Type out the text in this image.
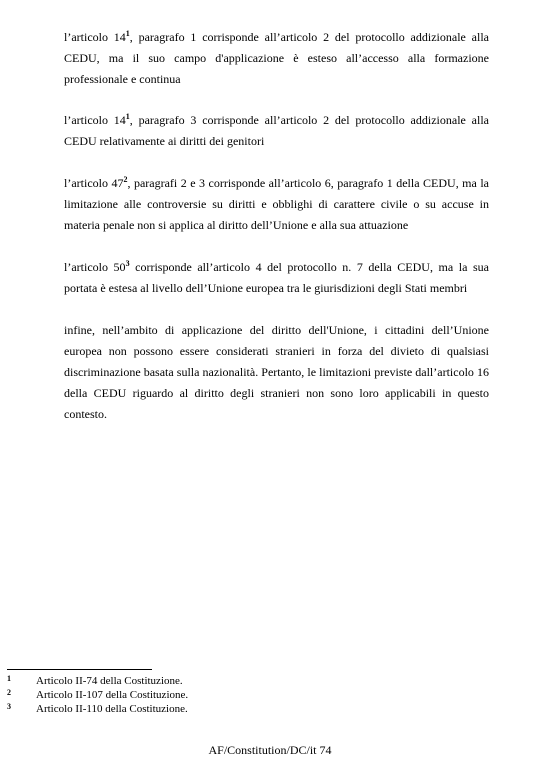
l’articolo $14^1$, paragrafo 1 corrisponde all’articolo 2 del protocollo addizionale alla CEDU, ma il suo campo d'applicazione è esteso all’accesso alla formazione professionale e continua
l’articolo $14^1$, paragrafo 3 corrisponde all’articolo 2 del protocollo addizionale alla CEDU relativamente ai diritti dei genitori
l’articolo $47^2$, paragrafi 2 e 3 corrisponde all’articolo 6, paragrafo 1 della CEDU, ma la limitazione alle controversie su diritti e obblighi di carattere civile o su accuse in materia penale non si applica al diritto dell’Unione e alla sua attuazione
l’articolo $50^3$ corrisponde all’articolo 4 del protocollo n. 7 della CEDU, ma la sua portata è estesa al livello dell’Unione europea tra le giurisdizioni degli Stati membri
infine, nell’ambito di applicazione del diritto dell'Unione, i cittadini dell’Unione europea non possono essere considerati stranieri in forza del divieto di qualsiasi discriminazione basata sulla nazionalità. Pertanto, le limitazioni previste dall’articolo 16 della CEDU riguardo al diritto degli stranieri non sono loro applicabili in questo contesto.
1 Articolo II-74 della Costituzione.
2 Articolo II-107 della Costituzione.
3 Articolo II-110 della Costituzione.
AF/Constitution/DC/it 74
